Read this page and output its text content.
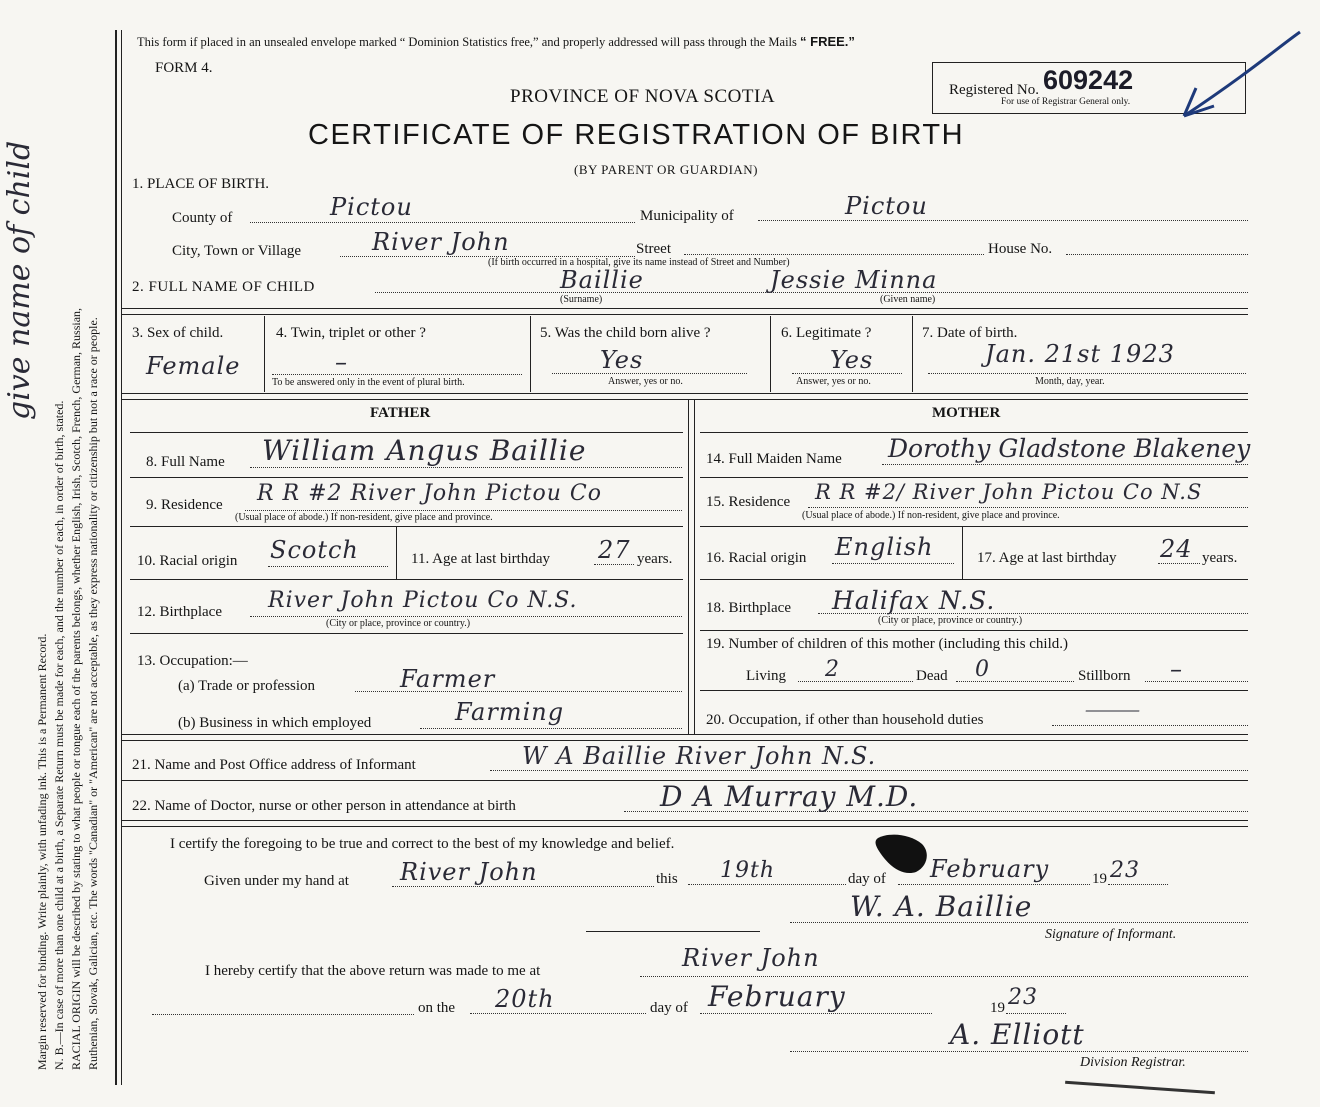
Margin reserved for binding. Write plainly, with unfading ink. This is a Permanent Record. N. B.—In case of more than one child at a birth, a Separate Return must be made for each, and the number of each, in order of birth, stated. RACIAL ORIGIN will be described by stating to what people or tongue each of the parents belongs, whether English, Irish, Scotch, French, German, Russian, Ruthenian, Slovak, Galician, etc. The words "Canadian" or "American" are not acceptable, as they express nationality or citizenship but not a race or people.
give name of child
This form if placed in an unsealed envelope marked “ Dominion Statistics free,” and properly addressed will pass through the Mails “ FREE.”
FORM 4.
PROVINCE OF NOVA SCOTIA
CERTIFICATE OF REGISTRATION OF BIRTH
(BY PARENT OR GUARDIAN)
Registered No. 609242
For use of Registrar General only.
1. PLACE OF BIRTH.
County of	Pictou	Municipality of	Pictou
City, Town or Village	River John	Street
(If birth occurred in a hospital, give its name instead of Street and Number)
House No.
2. FULL NAME OF CHILD	Baillie	Jessie Minna
(Surname)	(Given name)
3. Sex of child.
Female
4. Twin, triplet or other ?
–
To be answered only in the event of plural birth.
5. Was the child born alive ?
Yes
Answer, yes or no.
6. Legitimate ?
Yes
Answer, yes or no.
7. Date of birth.
Jan. 21st 1923
Month, day, year.
FATHER
8. Full Name William Angus Baillie
9. Residence R R #2 River John Pictou Co
(Usual place of abode.) If non-resident, give place and province.
10. Racial origin Scotch	11. Age at last birthday 27 years.
12. Birthplace River John Pictou Co N.S.
(City or place, province or country.)
13. Occupation:—
(a) Trade or profession	Farmer
(b) Business in which employed	Farming
MOTHER
14. Full Maiden Name Dorothy Gladstone Blakeney
15. Residence R R #2/ River John Pictou Co N.S
(Usual place of abode.) If non-resident, give place and province.
16. Racial origin English	17. Age at last birthday 24 years.
18. Birthplace Halifax N.S.
(City or place, province or country.)
19. Number of children of this mother (including this child.)
Living 2	Dead 0	Stillborn –
20. Occupation, if other than household duties
————
21. Name and Post Office address of Informant	W A Baillie River John N.S.
22. Name of Doctor, nurse or other person in attendance at birth	D A Murray M.D.
I certify the foregoing to be true and correct to the best of my knowledge and belief.
Given under my hand at River John	this 19th	day of February	19 23
W. A. Baillie
Signature of Informant.
I hereby certify that the above return was made to me at	River John
on the 20th	day of February	19 23
A. Elliott
Division Registrar.
